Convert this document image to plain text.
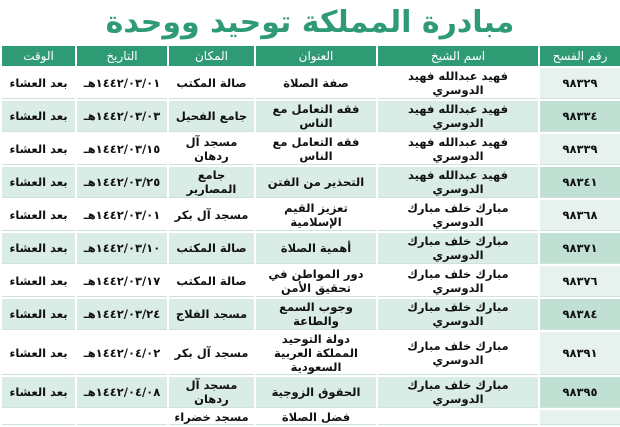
مبادرة المملكة توحيد ووحدة
رقم الفسح	اسم الشيخ	العنوان	المكان	التاريخ	الوقت
٩٨٣٢٩	فهيد عبدالله فهيد الدوسري	صفة الصلاة	صالة المكتب	١٤٤٢/٠٣/٠١هـ	بعد العشاء
٩٨٣٣٤	فهيد عبدالله فهيد الدوسري	فقه التعامل مع الناس	جامع الفحيل	١٤٤٢/٠٣/٠٣هـ	بعد العشاء
٩٨٣٣٩	فهيد عبدالله فهيد الدوسري	فقه التعامل مع الناس	مسجد آل ردهان	١٤٤٢/٠٣/١٥هـ	بعد العشاء
٩٨٣٤١	فهيد عبدالله فهيد الدوسري	التحذير من الفتن	جامع المصارير	١٤٤٢/٠٣/٢٥هـ	بعد العشاء
٩٨٣٦٨	مبارك خلف مبارك الدوسري	تعزيز القيم الإسلامية	مسجد آل بكر	١٤٤٢/٠٣/٠١هـ	بعد العشاء
٩٨٣٧١	مبارك خلف مبارك الدوسري	أهمية الصلاة	صالة المكتب	١٤٤٢/٠٣/١٠هـ	بعد العشاء
٩٨٣٧٦	مبارك خلف مبارك الدوسري	دور المواطن في تحقيق الأمن	صالة المكتب	١٤٤٢/٠٣/١٧هـ	بعد العشاء
٩٨٣٨٤	مبارك خلف مبارك الدوسري	وجوب السمع والطاعة	مسجد الفلاج	١٤٤٢/٠٣/٢٤هـ	بعد العشاء
٩٨٣٩١	مبارك خلف مبارك الدوسري	دولة التوحيد المملكة العربية السعودية	مسجد آل بكر	١٤٤٢/٠٤/٠٢هـ	بعد العشاء
٩٨٣٩٥	مبارك خلف مبارك الدوسري	الحقوق الزوجية	مسجد آل ردهان	١٤٤٢/٠٤/٠٨هـ	بعد العشاء
		فضل الصلاة	مسجد خضراء		
